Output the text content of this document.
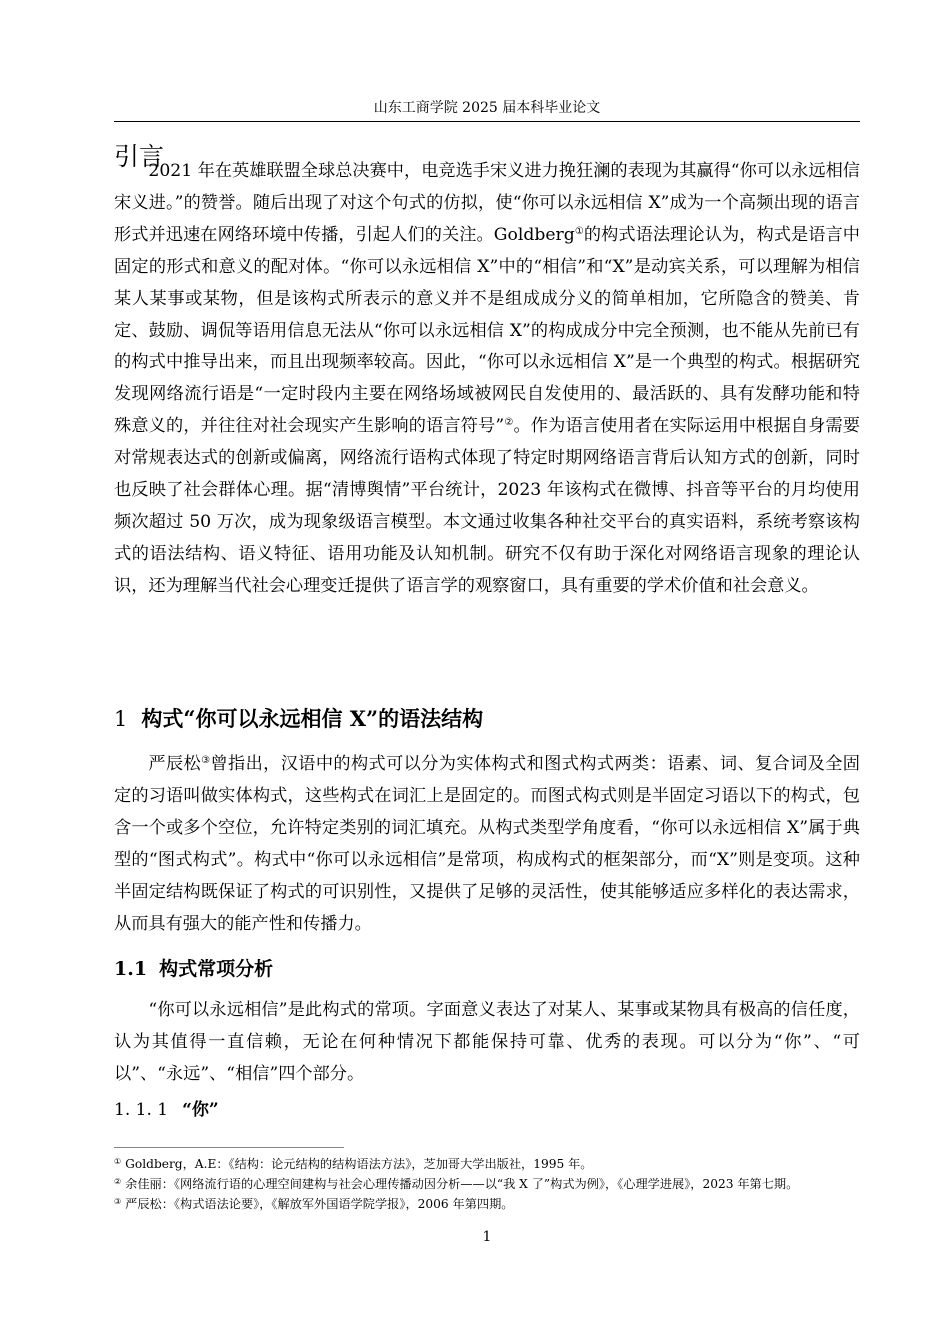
山东工商学院 2025 届本科毕业论文
引言

2021 年在英雄联盟全球总决赛中，电竞选手宋义进力挽狂澜的表现为其赢得“你可以永远相信宋义进。”的赞誉。随后出现了对这个句式的仿拟，使“你可以永远相信 X”成为一个高频出现的语言形式并迅速在网络环境中传播，引起人们的关注。Goldberg①的构式语法理论认为，构式是语言中固定的形式和意义的配对体。“你可以永远相信 X”中的“相信”和“X”是动宾关系，可以理解为相信某人某事或某物，但是该构式所表示的意义并不是组成成分义的简单相加，它所隐含的赞美、肯定、鼓励、调侃等语用信息无法从“你可以永远相信 X”的构成成分中完全预测，也不能从先前已有的构式中推导出来，而且出现频率较高。因此，“你可以永远相信 X”是一个典型的构式。根据研究发现网络流行语是“一定时段内主要在网络场域被网民自发使用的、最活跃的、具有发酵功能和特殊意义的，并往往对社会现实产生影响的语言符号”②。作为语言使用者在实际运用中根据自身需要对常规表达式的创新或偏离，网络流行语构式体现了特定时期网络语言背后认知方式的创新，同时也反映了社会群体心理。据“清博舆情”平台统计，2023 年该构式在微博、抖音等平台的月均使用频次超过 50 万次，成为现象级语言模型。本文通过收集各种社交平台的真实语料，系统考察该构式的语法结构、语义特征、语用功能及认知机制。研究不仅有助于深化对网络语言现象的理论认识，还为理解当代社会心理变迁提供了语言学的观察窗口，具有重要的学术价值和社会意义。

1 构式“你可以永远相信 X”的语法结构

严辰松③曾指出，汉语中的构式可以分为实体构式和图式构式两类：语素、词、复合词及全固定的习语叫做实体构式，这些构式在词汇上是固定的。而图式构式则是半固定习语以下的构式，包含一个或多个空位，允许特定类别的词汇填充。从构式类型学角度看，“你可以永远相信 X”属于典型的“图式构式”。构式中“你可以永远相信”是常项，构成构式的框架部分，而“X”则是变项。这种半固定结构既保证了构式的可识别性，又提供了足够的灵活性，使其能够适应多样化的表达需求，从而具有强大的能产性和传播力。

1.1 构式常项分析

“你可以永远相信”是此构式的常项。字面意义表达了对某人、某事或某物具有极高的信任度，认为其值得一直信赖，无论在何种情况下都能保持可靠、优秀的表现。可以分为“你”、“可以”、“永远”、“相信”四个部分。

1. 1. 1 “你”

① Goldberg，A.E：《结构：论元结构的结构语法方法》，芝加哥大学出版社，1995 年。

② 余佳丽：《网络流行语的心理空间建构与社会心理传播动因分析——以“我 X 了”构式为例》，《心理学进展》，2023 年第七期。

③ 严辰松：《构式语法论要》，《解放军外国语学院学报》，2006 年第四期。

1
